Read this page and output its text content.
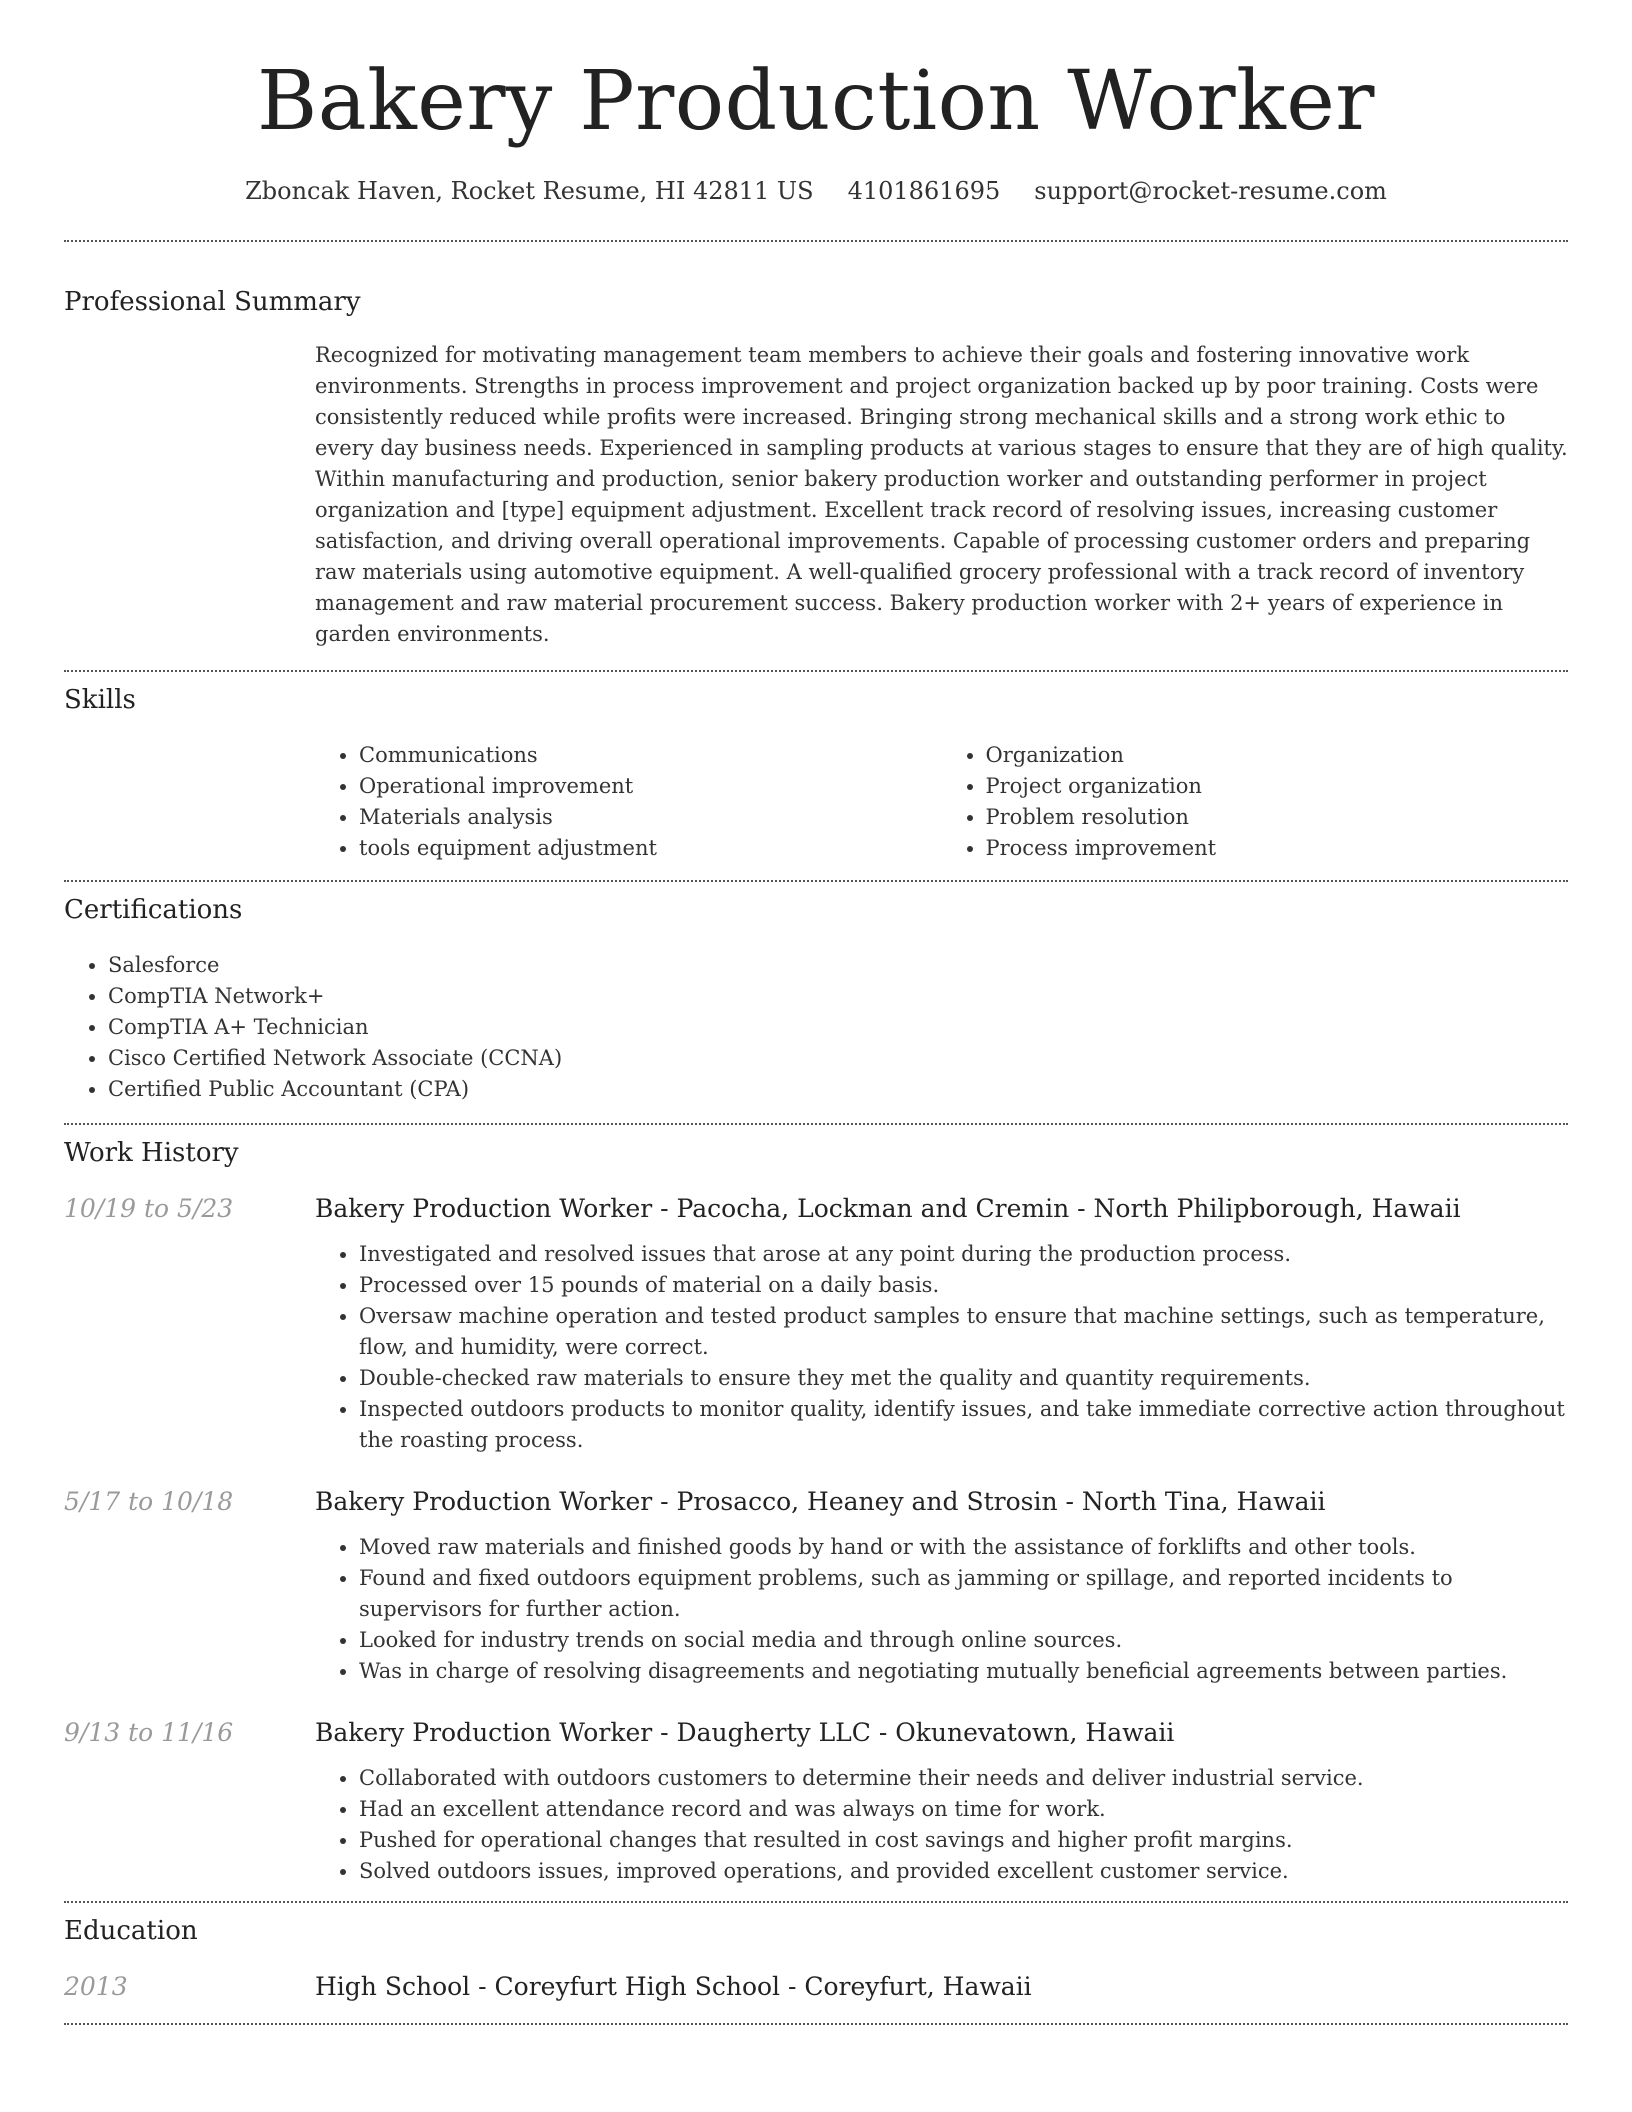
Bakery Production Worker
Zboncak Haven, Rocket Resume, HI 42811 US 4101861695 support@rocket-resume.com
Professional Summary
Recognized for motivating management team members to achieve their goals and fostering innovative work environments. Strengths in process improvement and project organization backed up by poor training. Costs were consistently reduced while profits were increased. Bringing strong mechanical skills and a strong work ethic to every day business needs. Experienced in sampling products at various stages to ensure that they are of high quality. Within manufacturing and production, senior bakery production worker and outstanding performer in project organization and [type] equipment adjustment. Excellent track record of resolving issues, increasing customer satisfaction, and driving overall operational improvements. Capable of processing customer orders and preparing raw materials using automotive equipment. A well-qualified grocery professional with a track record of inventory management and raw material procurement success. Bakery production worker with 2+ years of experience in garden environments.
Skills
• Communications
• Operational improvement
• Materials analysis
• tools equipment adjustment
• Organization
• Project organization
• Problem resolution
• Process improvement
Certifications
• Salesforce
• CompTIA Network+
• CompTIA A+ Technician
• Cisco Certified Network Associate (CCNA)
• Certified Public Accountant (CPA)
Work History
10/19 to 5/23	Bakery Production Worker - Pacocha, Lockman and Cremin - North Philipborough, Hawaii
• Investigated and resolved issues that arose at any point during the production process.
• Processed over 15 pounds of material on a daily basis.
• Oversaw machine operation and tested product samples to ensure that machine settings, such as temperature, flow, and humidity, were correct.
• Double-checked raw materials to ensure they met the quality and quantity requirements.
• Inspected outdoors products to monitor quality, identify issues, and take immediate corrective action throughout the roasting process.
5/17 to 10/18	Bakery Production Worker - Prosacco, Heaney and Strosin - North Tina, Hawaii
• Moved raw materials and finished goods by hand or with the assistance of forklifts and other tools.
• Found and fixed outdoors equipment problems, such as jamming or spillage, and reported incidents to supervisors for further action.
• Looked for industry trends on social media and through online sources.
• Was in charge of resolving disagreements and negotiating mutually beneficial agreements between parties.
9/13 to 11/16	Bakery Production Worker - Daugherty LLC - Okunevatown, Hawaii
• Collaborated with outdoors customers to determine their needs and deliver industrial service.
• Had an excellent attendance record and was always on time for work.
• Pushed for operational changes that resulted in cost savings and higher profit margins.
• Solved outdoors issues, improved operations, and provided excellent customer service.
Education
2013	High School - Coreyfurt High School - Coreyfurt, Hawaii
